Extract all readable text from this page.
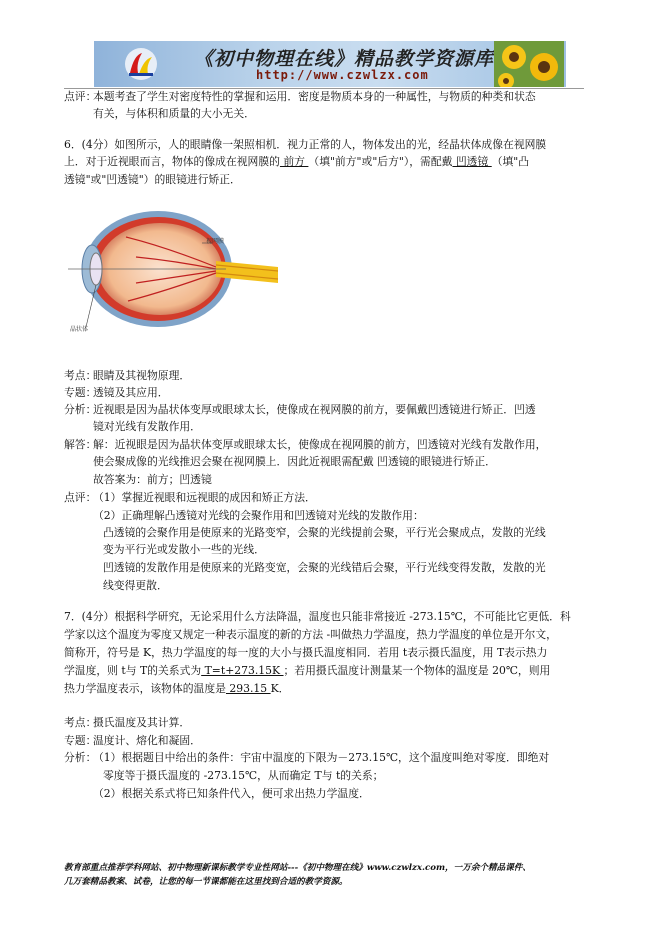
《初中物理在线》精品教学资源库
http://www.czwlzx.com
点评：
本题考查了学生对密度特性的掌握和运用．密度是物质本身的一种属性，与物质的种类和状态
有关，与体积和质量的大小无关．
6．(4分）如图所示，人的眼睛像一架照相机．视力正常的人，物体发出的光，经晶状体成像在视网膜
上．对于近视眼而言，物体的像成在视网膜的 前方 （填"前方"或"后方"），需配戴 凹透镜 （填"凸
透镜"或"凹透镜"）的眼镜进行矫正．
视网膜
晶状体
考点：
眼睛及其视物原理．
专题：
透镜及其应用．
分析：
近视眼是因为晶状体变厚或眼球太长，使像成在视网膜的前方，要佩戴凹透镜进行矫正．凹透
镜对光线有发散作用．
解答：
解：近视眼是因为晶状体变厚或眼球太长，使像成在视网膜的前方，凹透镜对光线有发散作用，
使会聚成像的光线推迟会聚在视网膜上．因此近视眼需配戴 凹透镜的眼镜进行矫正．
故答案为：前方；凹透镜
点评：
（1）掌握近视眼和远视眼的成因和矫正方法．
（2）正确理解凸透镜对光线的会聚作用和凹透镜对光线的发散作用：
凸透镜的会聚作用是使原来的光路变窄，会聚的光线提前会聚，平行光会聚成点，发散的光线
变为平行光或发散小一些的光线．
凹透镜的发散作用是使原来的光路变宽，会聚的光线错后会聚，平行光线变得发散，发散的光
线变得更散．
7．(4分）根据科学研究，无论采用什么方法降温，温度也只能非常接近 -273.15℃，不可能比它更低．科
学家以这个温度为零度又规定一种表示温度的新的方法 -叫做热力学温度，热力学温度的单位是开尔文，
简称开，符号是 K，热力学温度的每一度的大小与摄氏温度相同．若用 t表示摄氏温度，用 T表示热力
学温度，则 t与 T的关系式为 T=t+273.15K ；若用摄氏温度计测量某一个物体的温度是 20℃，则用
热力学温度表示，该物体的温度是 293.15 K．
考点：
摄氏温度及其计算．
专题：
温度计、熔化和凝固．
分析：
（1）根据题目中给出的条件：宇宙中温度的下限为－273.15℃，这个温度叫绝对零度．即绝对
零度等于摄氏温度的 -273.15℃，从而确定 T与 t的关系；
（2）根据关系式将已知条件代入，便可求出热力学温度．
教育部重点推荐学科网站、初中物理新课标教学专业性网站---《初中物理在线》www.czwlzx.com，一万余个精品课件、
几万套精品教案、试卷，让您的每一节课都能在这里找到合适的教学资源。
